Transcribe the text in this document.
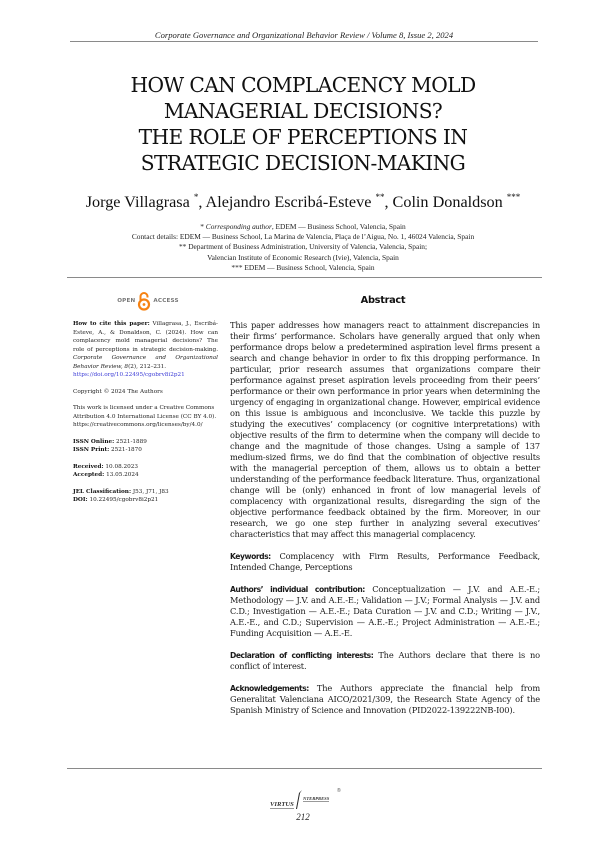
Corporate Governance and Organizational Behavior Review / Volume 8, Issue 2, 2024
HOW CAN COMPLACENCY MOLD
MANAGERIAL DECISIONS?
THE ROLE OF PERCEPTIONS IN
STRATEGIC DECISION-MAKING
Jorge Villagrasa *, Alejandro Escribá-Esteve **, Colin Donaldson ***
* Corresponding author, EDEM — Business School, Valencia, Spain
Contact details: EDEM — Business School, La Marina de Valencia, Plaça de l’Aigua, No. 1, 46024 Valencia, Spain
** Department of Business Administration, University of Valencia, Valencia, Spain;
Valencian Institute of Economic Research (Ivie), Valencia, Spain
*** EDEM — Business School, Valencia, Spain
OPEN	ACCESS

How to cite this paper: Villagrasa, J., Escribá-Esteve, A., & Donaldson, C. (2024). How can complacency mold managerial decisions? The role of perceptions in strategic decision-making. Corporate Governance and Organizational Behavior Review, 8(2), 212–231.
https://doi.org/10.22495/cgobrv8i2p21

Copyright © 2024 The Authors

This work is licensed under a Creative Commons Attribution 4.0 International License (CC BY 4.0).
https://creativecommons.org/licenses/by/4.0/

ISSN Online: 2521-1889
ISSN Print: 2521-1870

Received: 10.08.2023
Accepted: 13.05.2024

JEL Classification: J53, J71, J83
DOI: 10.22495/cgobrv8i2p21

Abstract

This paper addresses how managers react to attainment discrepancies in their firms’ performance. Scholars have generally argued that only when performance drops below a predetermined aspiration level firms present a search and change behavior in order to fix this dropping performance. In particular, prior research assumes that organizations compare their performance against preset aspiration levels proceeding from their peers’ performance or their own performance in prior years when determining the urgency of engaging in organizational change. However, empirical evidence on this issue is ambiguous and inconclusive. We tackle this puzzle by studying the executives’ complacency (or cognitive interpretations) with objective results of the firm to determine when the company will decide to change and the magnitude of those changes. Using a sample of 137 medium-sized firms, we do find that the combination of objective results with the managerial perception of them, allows us to obtain a better understanding of the performance feedback literature. Thus, organizational change will be (only) enhanced in front of low managerial levels of complacency with organizational results, disregarding the sign of the objective performance feedback obtained by the firm. Moreover, in our research, we go one step further in analyzing several executives’ characteristics that may affect this managerial complacency.

Keywords: Complacency with Firm Results, Performance Feedback, Intended Change, Perceptions

Authors’ individual contribution: Conceptualization — J.V. and A.E.-E.; Methodology — J.V. and A.E.-E.; Validation — J.V.; Formal Analysis — J.V. and C.D.; Investigation — A.E.-E.; Data Curation — J.V. and C.D.; Writing — J.V., A.E.-E., and C.D.; Supervision — A.E.-E.; Project Administration — A.E.-E.; Funding Acquisition — A.E.-E.

Declaration of conflicting interests: The Authors declare that there is no conflict of interest.

Acknowledgements: The Authors appreciate the financial help from Generalitat Valenciana AICO/2021/309, the Research State Agency of the Spanish Ministry of Science and Innovation (PID2022-139222NB-I00).

VIRTUS
NTERPRESS
®
212
